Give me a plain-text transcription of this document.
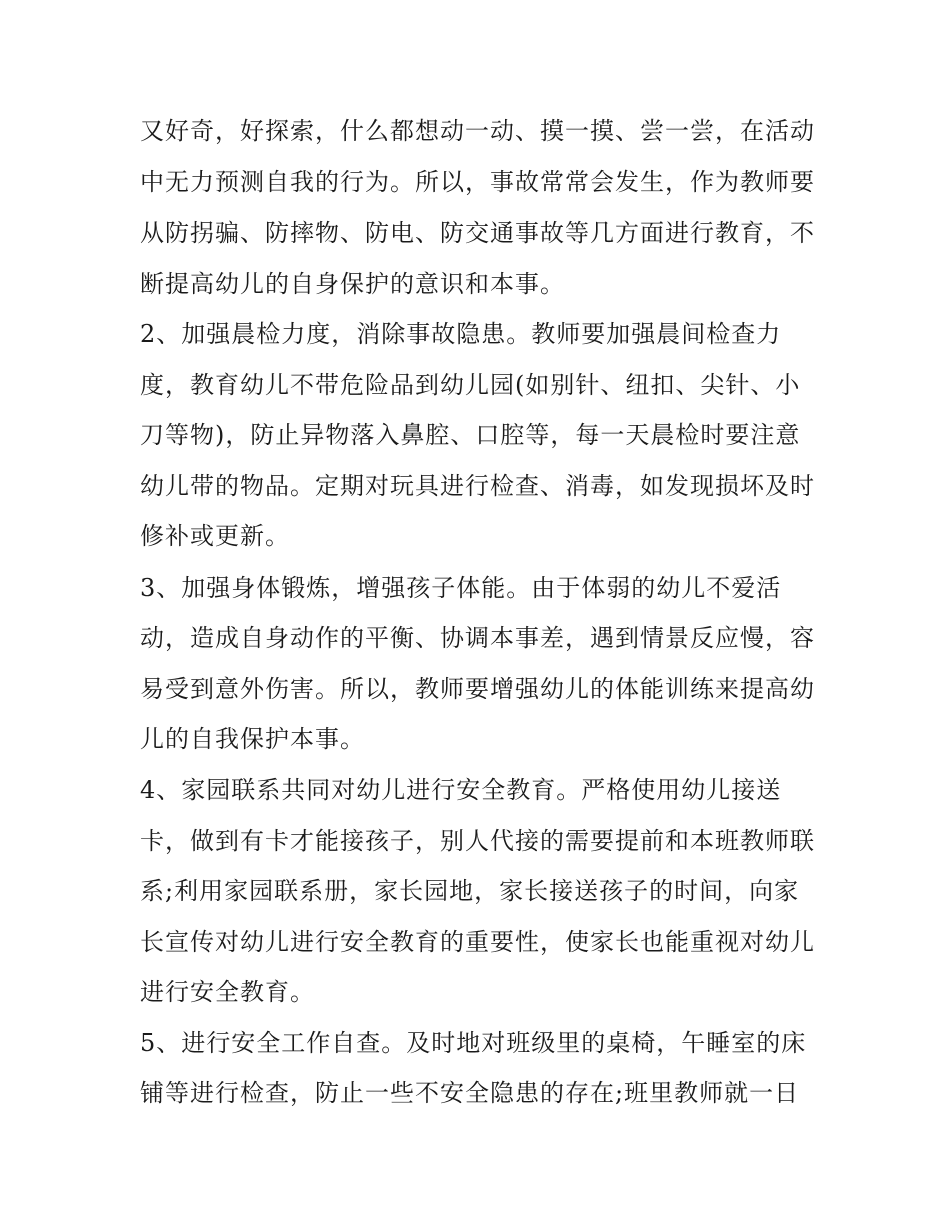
又好奇，好探索，什么都想动一动、摸一摸、尝一尝，在活动
中无力预测自我的行为。所以，事故常常会发生，作为教师要
从防拐骗、防摔物、防电、防交通事故等几方面进行教育，不
断提高幼儿的自身保护的意识和本事。
2、加强晨检力度，消除事故隐患。教师要加强晨间检查力
度，教育幼儿不带危险品到幼儿园(如别针、纽扣、尖针、小
刀等物)，防止异物落入鼻腔、口腔等，每一天晨检时要注意
幼儿带的物品。定期对玩具进行检查、消毒，如发现损坏及时
修补或更新。
3、加强身体锻炼，增强孩子体能。由于体弱的幼儿不爱活
动，造成自身动作的平衡、协调本事差，遇到情景反应慢，容
易受到意外伤害。所以，教师要增强幼儿的体能训练来提高幼
儿的自我保护本事。
4、家园联系共同对幼儿进行安全教育。严格使用幼儿接送
卡，做到有卡才能接孩子，别人代接的需要提前和本班教师联
系;利用家园联系册，家长园地，家长接送孩子的时间，向家
长宣传对幼儿进行安全教育的重要性，使家长也能重视对幼儿
进行安全教育。
5、进行安全工作自查。及时地对班级里的桌椅，午睡室的床
铺等进行检查，防止一些不安全隐患的存在;班里教师就一日
